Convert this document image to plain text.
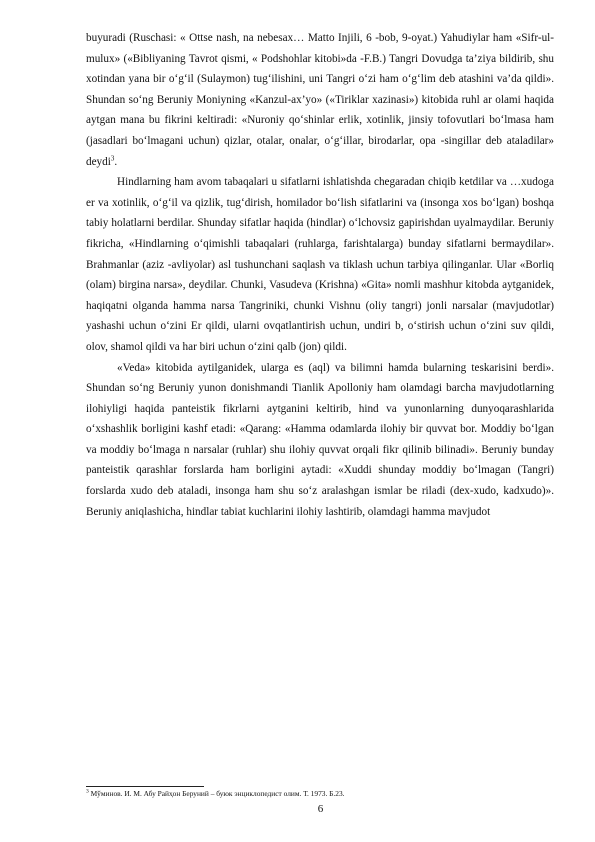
buyuradi (Ruschasi: « Ottse nash, na nebesax… Matto Injili, 6 -bob, 9-oyat.) Yahudiylar ham «Sifr-ul-mulux» («Bibliyaning Tavrot qismi, « Podshohlar kitobi»da -F.B.) Tangri Dovudga ta’ziya bildirib, shu xotindan yana bir o‘g‘il (Sulaymon) tug‘ilishini, uni Tangri o‘zi ham o‘g‘lim deb atashini va’da qildi». Shundan so‘ng Beruniy Moniyning «Kanzul-ax’yo» («Tiriklar xazinasi») kitobida ruhl ar olami haqida aytgan mana bu fikrini keltiradi: «Nuroniy qo‘shinlar erlik, xotinlik, jinsiy tofovutlari bo‘lmasa ham (jasadlari bo‘lmagani uchun) qizlar, otalar, onalar, o‘g‘illar, birodarlar, opa -singillar deb ataladilar» deydi$^3$.

Hindlarning ham avom tabaqalari u sifatlarni ishlatishda chegaradan chiqib ketdilar va …xudoga er va xotinlik, o‘g‘il va qizlik, tug‘dirish, homilador bo‘lish sifatlarini va (insonga xos bo‘lgan) boshqa tabiy holatlarni berdilar. Shunday sifatlar haqida (hindlar) o‘lchovsiz gapirishdan uyalmaydilar. Beruniy fikricha, «Hindlarning o‘qimishli tabaqalari (ruhlarga, farishtalarga) bunday sifatlarni bermaydilar». Brahmanlar (aziz -avliyolar) asl tushunchani saqlash va tiklash uchun tarbiya qilinganlar. Ular «Borliq (olam) birgina narsa», deydilar. Chunki, Vasudeva (Krishna) «Gita» nomli mashhur kitobda aytganidek, haqiqatni olganda hamma narsa Tangriniki, chunki Vishnu (oliy tangri) jonli narsalar (mavjudotlar) yashashi uchun o‘zini Er qildi, ularni ovqatlantirish uchun, undiri b, o‘stirish uchun o‘zini suv qildi, olov, shamol qildi va har biri uchun o‘zini qalb (jon) qildi.

«Veda» kitobida aytilganidek, ularga es (aql) va bilimni hamda bularning teskarisini berdi». Shundan so‘ng Beruniy yunon donishmandi Tianlik Apolloniy ham olamdagi barcha mavjudotlarning ilohiyligi haqida panteistik fikrlarni aytganini keltirib, hind va yunonlarning dunyoqarashlarida o‘xshashlik borligini kashf etadi: «Qarang: «Hamma odamlarda ilohiy bir quvvat bor. Moddiy bo‘lgan va moddiy bo‘lmaga n narsalar (ruhlar) shu ilohiy quvvat orqali fikr qilinib bilinadi». Beruniy bunday panteistik qarashlar forslarda ham borligini aytadi: «Xuddi shunday moddiy bo‘lmagan (Tangri) forslarda xudo deb ataladi, insonga ham shu so‘z aralashgan ismlar be riladi (dex-xudo, kadxudo)». Beruniy aniqlashicha, hindlar tabiat kuchlarini ilohiy lashtirib, olamdagi hamma mavjudot

$^3$ Мўминов. И. М. Абу Райҳон Беруний – буюк энциклопедист олим. Т. 1973. Б.23.
6
